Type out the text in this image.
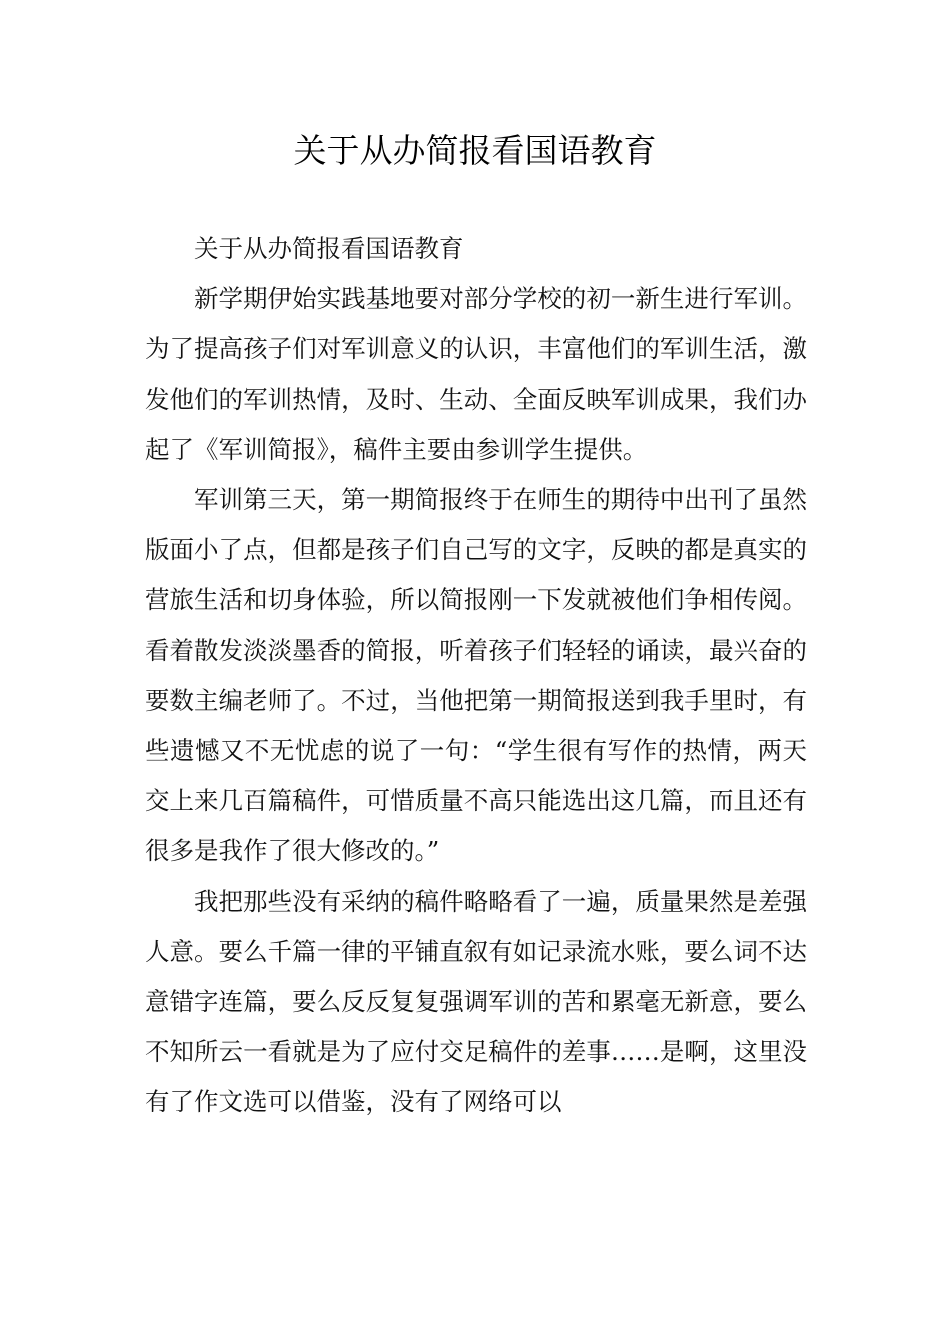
关于从办简报看国语教育

关于从办简报看国语教育

新学期伊始实践基地要对部分学校的初一新生进行军训。为了提高孩子们对军训意义的认识，丰富他们的军训生活，激发他们的军训热情，及时、生动、全面反映军训成果，我们办起了《军训简报》，稿件主要由参训学生提供。

军训第三天，第一期简报终于在师生的期待中出刊了虽然版面小了点，但都是孩子们自己写的文字，反映的都是真实的营旅生活和切身体验，所以简报刚一下发就被他们争相传阅。看着散发淡淡墨香的简报，听着孩子们轻轻的诵读，最兴奋的要数主编老师了。不过，当他把第一期简报送到我手里时，有些遗憾又不无忧虑的说了一句：“学生很有写作的热情，两天交上来几百篇稿件，可惜质量不高只能选出这几篇，而且还有很多是我作了很大修改的。”

我把那些没有采纳的稿件略略看了一遍，质量果然是差强人意。要么千篇一律的平铺直叙有如记录流水账，要么词不达意错字连篇，要么反反复复强调军训的苦和累毫无新意，要么不知所云一看就是为了应付交足稿件的差事……是啊，这里没有了作文选可以借鉴，没有了网络可以
